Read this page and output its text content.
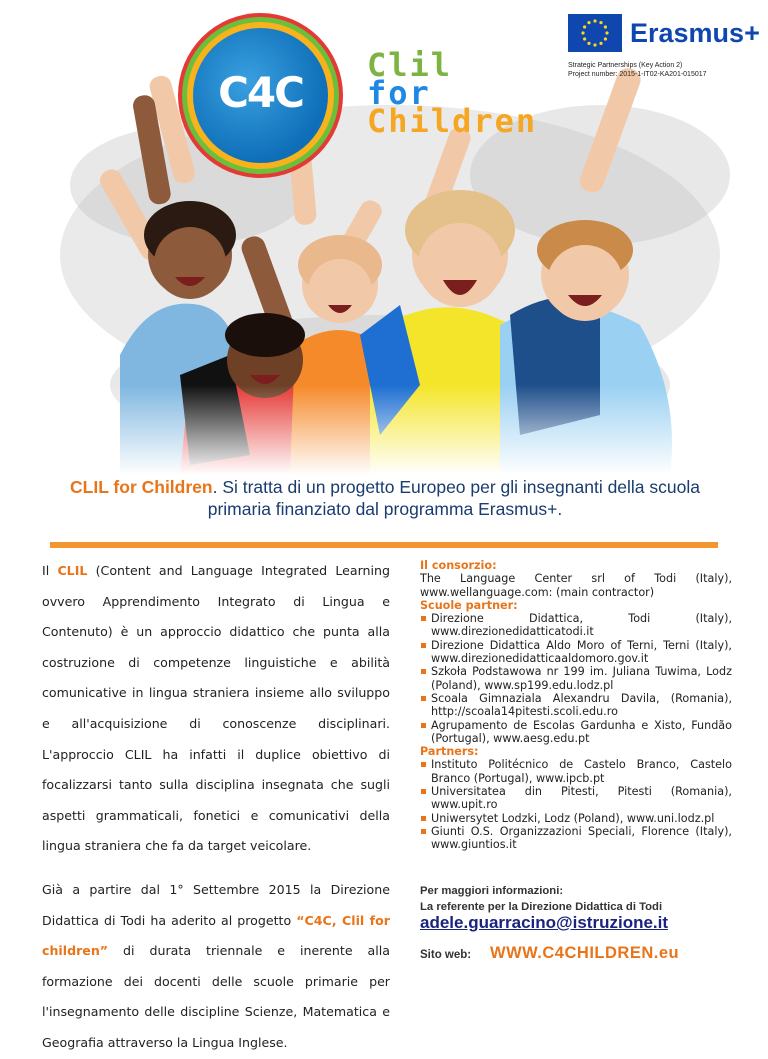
C4C
Clil
for
Children
Erasmus+
Strategic Partnerships (Key Action 2)
Project number: 2015-1-IT02-KA201-015017
CLIL for Children. Si tratta di un progetto Europeo per gli insegnanti della scuola primaria finanziato dal programma Erasmus+.

Il CLIL (Content and Language Integrated Learning ovvero Apprendimento Integrato di Lingua e Contenuto) è un approccio didattico che punta alla costruzione di competenze linguistiche e abilità comunicative in lingua straniera insieme allo sviluppo e all'acquisizione di conoscenze disciplinari. L'approccio CLIL ha infatti il duplice obiettivo di focalizzarsi tanto sulla disciplina insegnata che sugli aspetti grammaticali, fonetici e comunicativi della lingua straniera che fa da target veicolare.

Già a partire dal 1° Settembre 2015 la Direzione Didattica di Todi ha aderito al progetto “C4C, Clil for children” di durata triennale e inerente alla formazione dei docenti delle scuole primarie per l'insegnamento delle discipline Scienze, Matematica e Geografia attraverso la Lingua Inglese.

Il consorzio:
The Language Center srl of Todi (Italy), www.wellanguage.com: (main contractor)
Scuole partner:
Direzione Didattica, Todi (Italy), www.direzionedidatticatodi.it
Direzione Didattica Aldo Moro of Terni, Terni (Italy), www.direzionedidatticaaldomoro.gov.it
Szkoła Podstawowa nr 199 im. Juliana Tuwima, Lodz (Poland), www.sp199.edu.lodz.pl
Scoala Gimnaziala Alexandru Davila, (Romania), http://scoala14pitesti.scoli.edu.ro
Agrupamento de Escolas Gardunha e Xisto, Fundão (Portugal), www.aesg.edu.pt
Partners:
Instituto Politécnico de Castelo Branco, Castelo Branco (Portugal), www.ipcb.pt
Universitatea din Pitesti, Pitesti (Romania), www.upit.ro
Uniwersytet Lodzki, Lodz (Poland), www.uni.lodz.pl
Giunti O.S. Organizzazioni Speciali, Florence (Italy), www.giuntios.it
Per maggiori informazioni:
La referente per la Direzione Didattica di Todi
adele.guarracino@istruzione.it
Sito web: WWW.C4CHILDREN.eu
